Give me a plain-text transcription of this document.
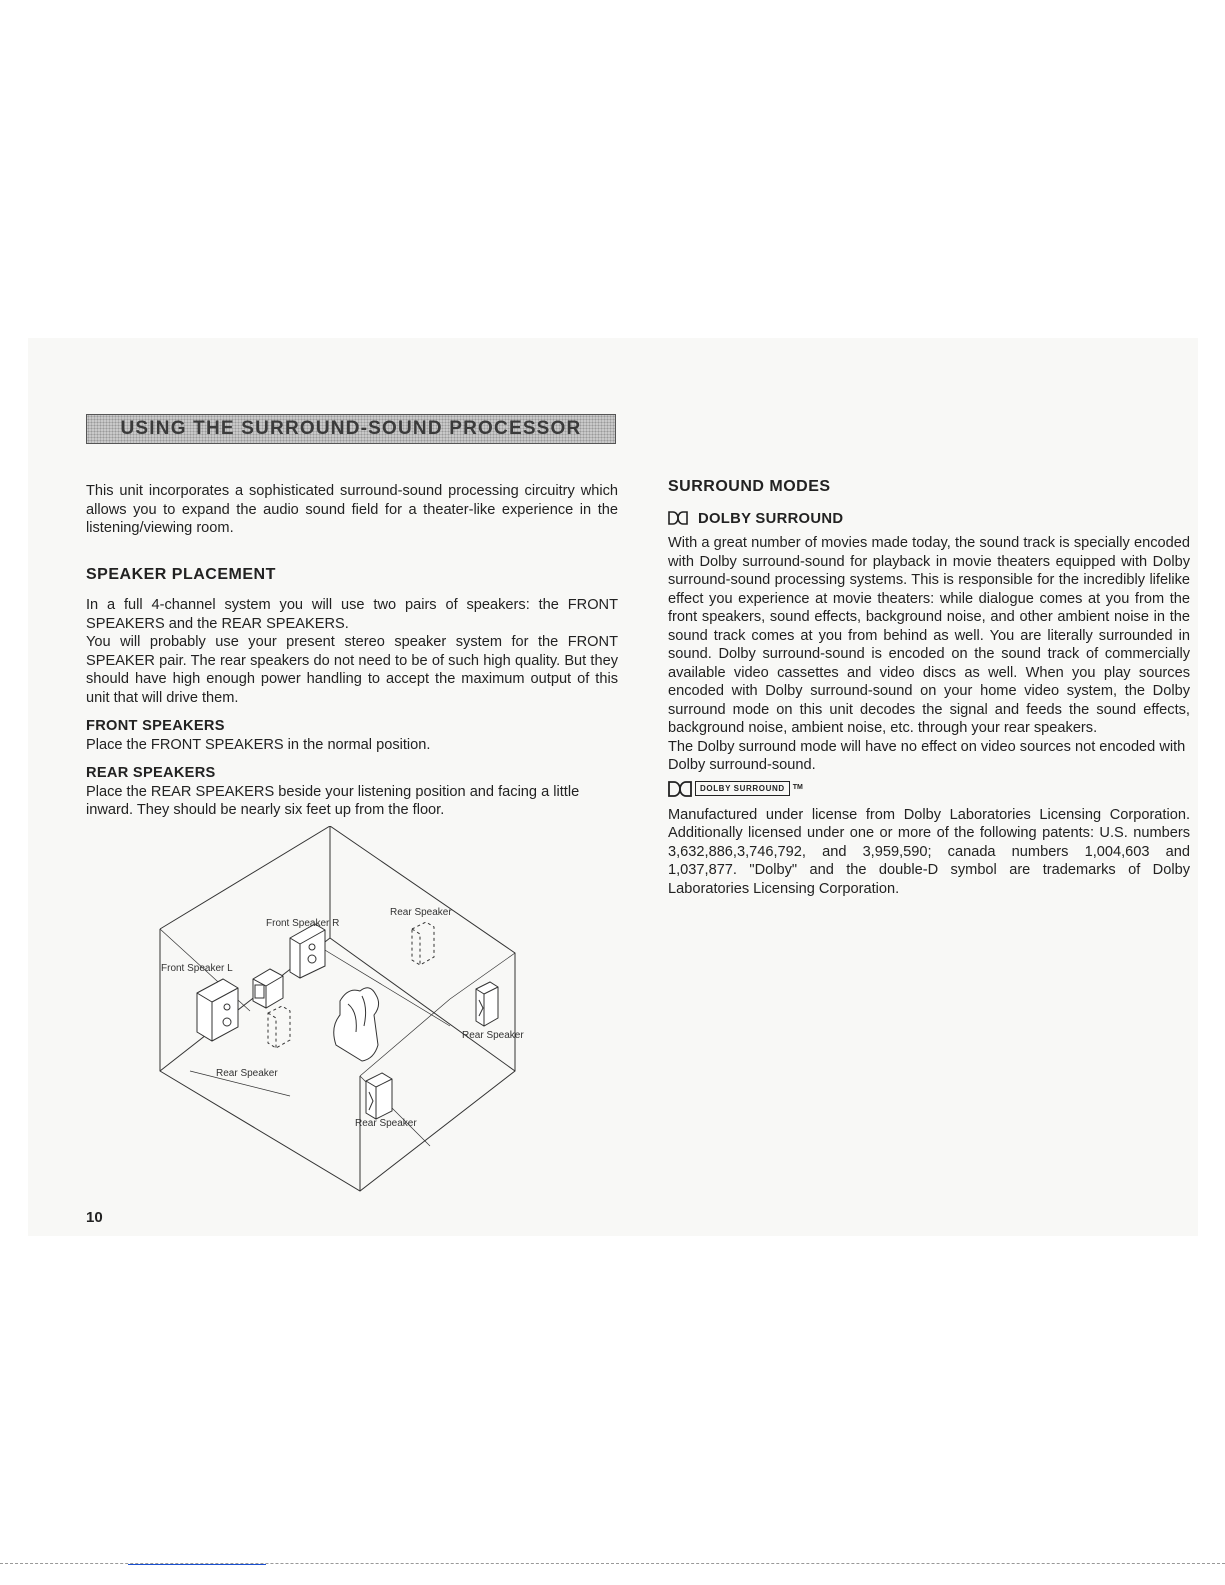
USING THE SURROUND-SOUND PROCESSOR

This unit incorporates a sophisticated surround-sound processing circuitry which allows you to expand the audio sound field for a theater-like experience in the listening/viewing room.

SPEAKER PLACEMENT

In a full 4-channel system you will use two pairs of speakers: the FRONT SPEAKERS and the REAR SPEAKERS.

You will probably use your present stereo speaker system for the FRONT SPEAKER pair. The rear speakers do not need to be of such high quality. But they should have high enough power handling to accept the maximum output of this unit that will drive them.

FRONT SPEAKERS

Place the FRONT SPEAKERS in the normal position.

REAR SPEAKERS

Place the REAR SPEAKERS beside your listening position and facing a little inward. They should be nearly six feet up from the floor.

Front Speaker R
Rear Speaker
Front Speaker L
Rear Speaker
Rear Speaker
Rear Speaker
SURROUND MODES
DOLBY SURROUND

With a great number of movies made today, the sound track is specially encoded with Dolby surround-sound for playback in movie theaters equipped with Dolby surround-sound processing systems. This is responsible for the incredibly lifelike effect you experience at movie theaters: while dialogue comes at you from the front speakers, sound effects, background noise, and other ambient noise in the sound track comes at you from behind as well. You are literally surrounded in sound. Dolby surround-sound is encoded on the sound track of commercially available video cassettes and video discs as well. When you play sources encoded with Dolby surround-sound on your home video system, the Dolby surround mode on this unit decodes the signal and feeds the sound effects, background noise, ambient noise, etc. through your rear speakers.

The Dolby surround mode will have no effect on video sources not encoded with Dolby surround-sound.

DOLBY SURROUND	TM

Manufactured under license from Dolby Laboratories Licensing Corporation. Additionally licensed under one or more of the following patents: U.S. numbers 3,632,886,3,746,792, and 3,959,590; canada numbers 1,004,603 and 1,037,877. "Dolby" and the double-D symbol are trademarks of Dolby Laboratories Licensing Corporation.

10
